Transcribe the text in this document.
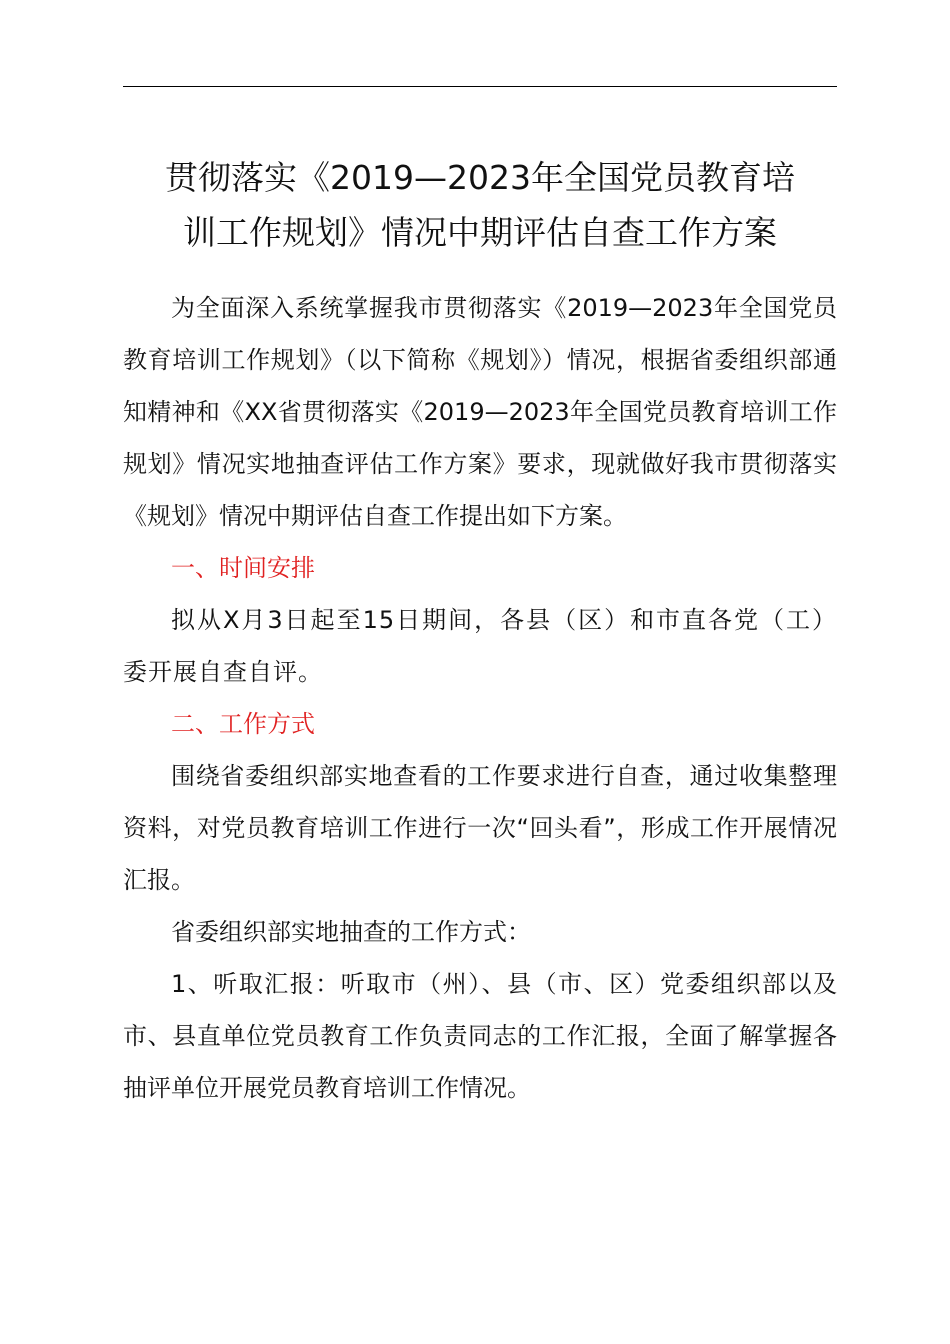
贯彻落实《2019—2023年全国党员教育培
训工作规划》情况中期评估自查工作方案

为全面深入系统掌握我市贯彻落实《2019—2023年全国党员教育培训工作规划》（以下简称《规划》）情况，根据省委组织部通知精神和《XX省贯彻落实《2019—2023年全国党员教育培训工作规划》情况实地抽查评估工作方案》要求，现就做好我市贯彻落实《规划》情况中期评估自查工作提出如下方案。

一、时间安排

拟从X月3日起至15日期间，各县（区）和市直各党（工）委开展自查自评。

二、工作方式

围绕省委组织部实地查看的工作要求进行自查，通过收集整理资料，对党员教育培训工作进行一次“回头看”，形成工作开展情况汇报。

省委组织部实地抽查的工作方式：

1、听取汇报：听取市（州）、县（市、区）党委组织部以及市、县直单位党员教育工作负责同志的工作汇报，全面了解掌握各抽评单位开展党员教育培训工作情况。
